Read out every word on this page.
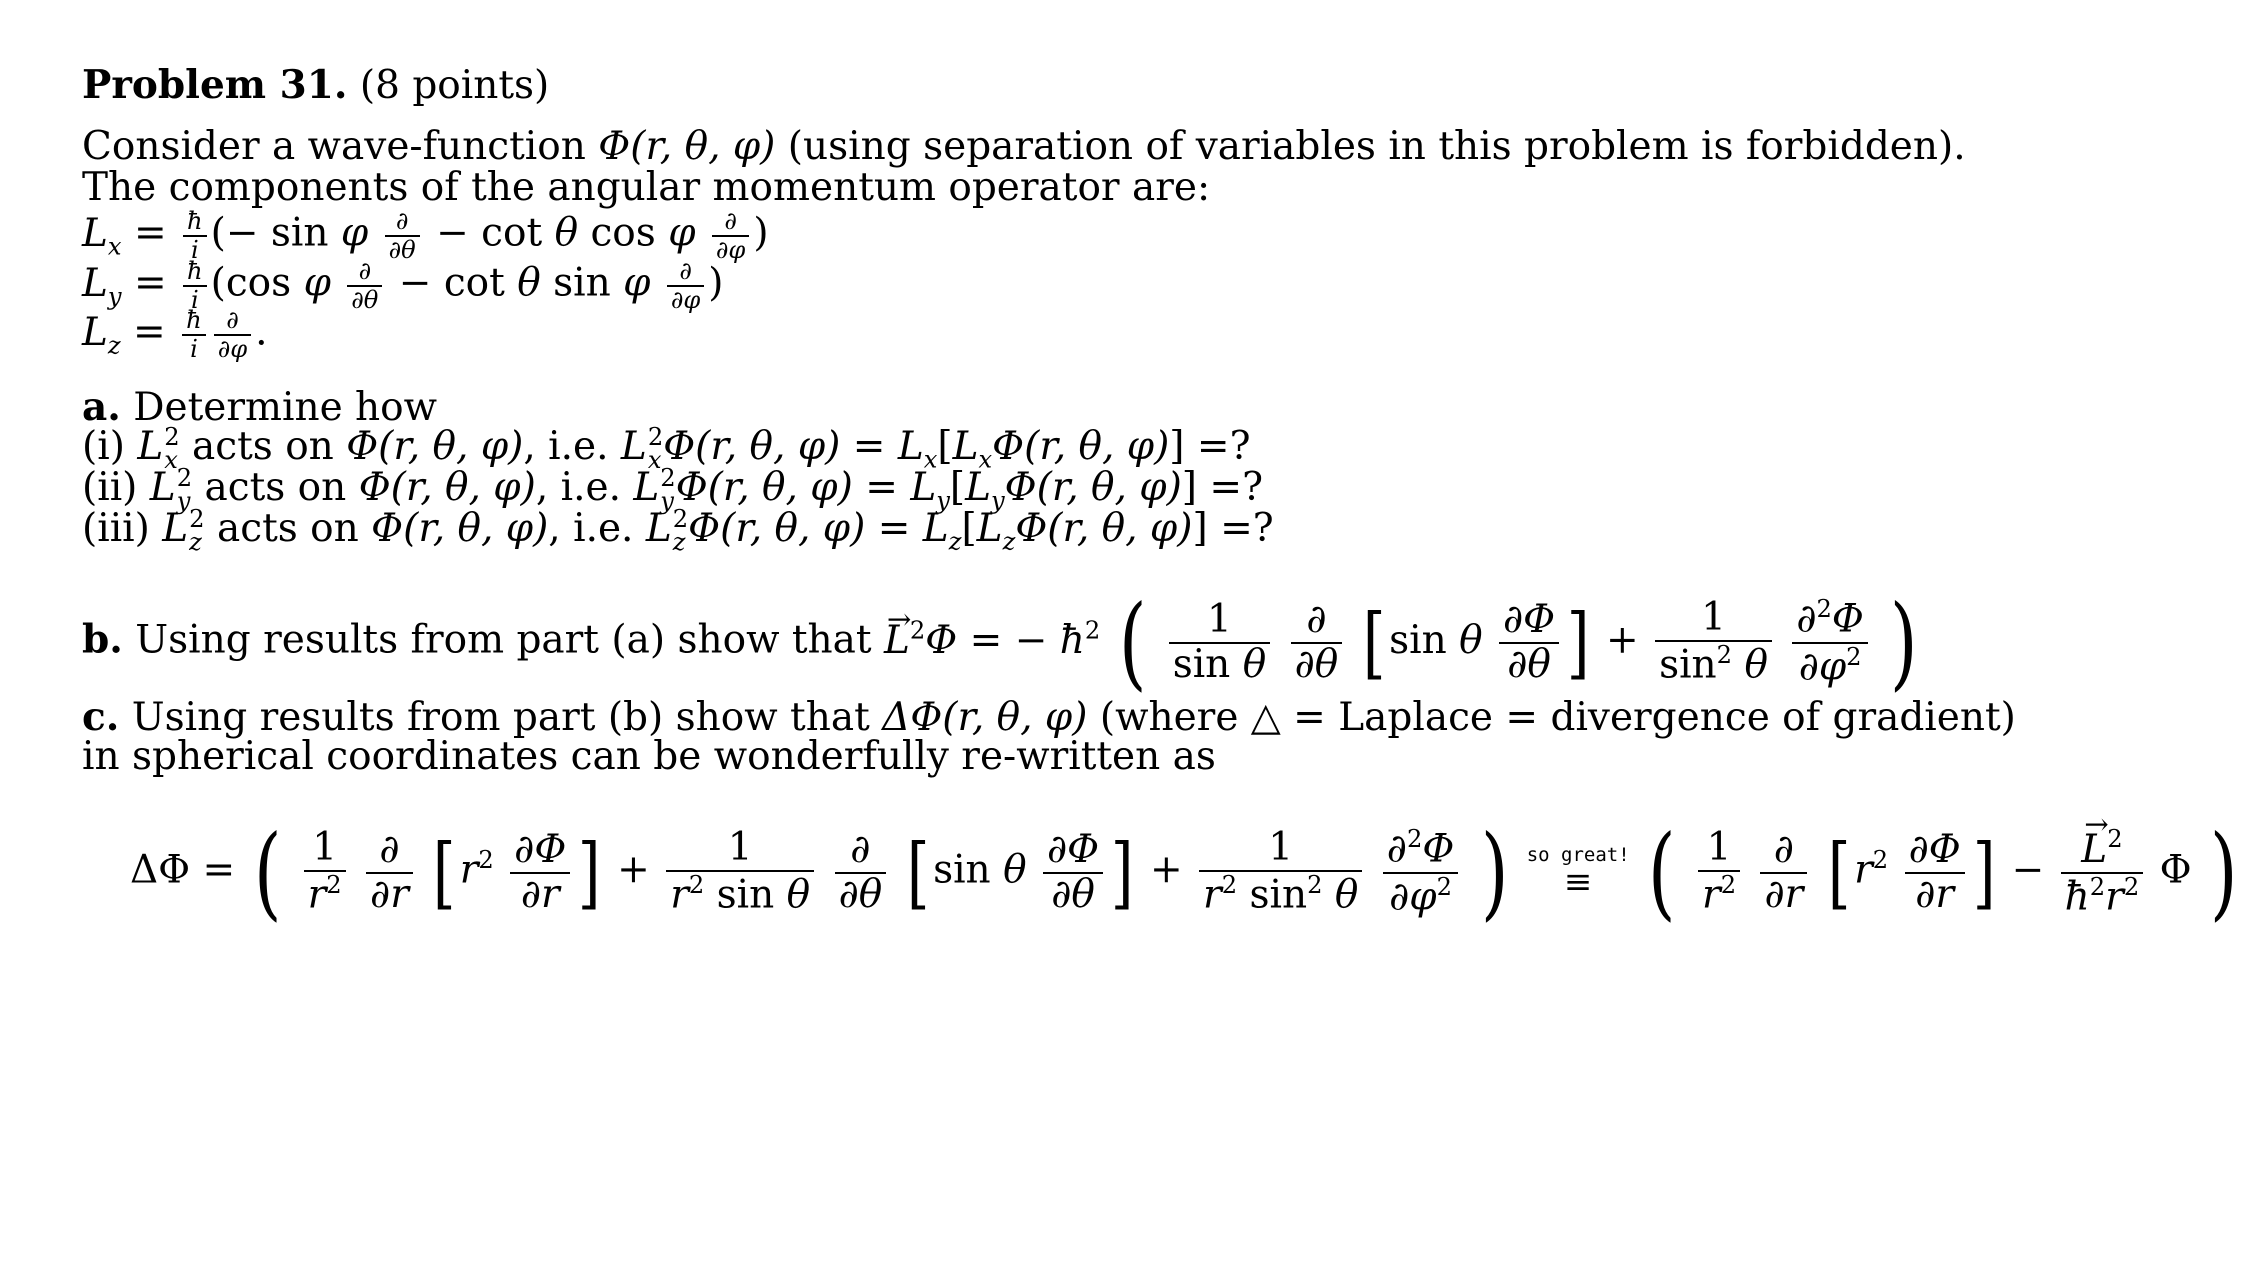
Problem 31. (8 points)
Consider a wave-function Φ(r, θ, φ) (using separation of variables in this problem is forbidden).
The components of the angular momentum operator are:
$L_x = \frac{ħ}{i}$ (− sin φ $\frac{\partial}{\partial\theta} - \cot \theta$ cos φ $\frac{\partial}{\partial\varphi}$ )
$L_y = \frac{ħ}{i} (\cos$ φ $\frac{\partial}{\partial\theta} - \cot \theta$ sin φ $\frac{\partial}{\partial\varphi}$ )
$L_z = \frac{ħ}{i} \frac{\partial}{\partial\varphi}$ .
a. Determine how
(i) L 2
x acts on Φ(r, θ, φ), i.e. L 2
x Φ(r, θ, $\varphi) = L_x[L_x\Phi(r$, θ, φ)] =?
(ii) L 2
y acts on Φ(r, θ, φ), i.e. L 2
y Φ(r, θ, $\varphi) = L_y[L_y\Phi(r$, θ, φ)] =?
(iii) L 2
z acts on Φ(r, θ, φ), i.e. L 2
z Φ(r, θ, $\varphi) = L_z[L_z\Phi(r$, θ, φ)] =?
b. Using results from part (a) show that → $L^2\Phi$ = − $ħ^2$ ( $\frac{1}{\text{sin θ}}$
$\frac{\partial}{\partial\theta} [\sin$ θ $\frac{\partial\Phi}{\partial\theta}$ ] + $\frac{1}{\sin^2 \theta}$
$\frac{\partial^2\Phi}{\partial\varphi^2}$ )
c. Using results from part (b) show that ΔΦ(r, θ, φ) (where △ = Laplace = divergence of gradient)
in spherical coordinates can be wonderfully re-written as
ΔΦ = ( $\frac{1}{r^2}$
$\frac{\partial}{\partial r} [r^2 \frac{\partial\Phi}{\partial r}$ ] + $\frac{1}{r^2 \sin \theta}$
$\frac{\partial}{\partial\theta} [\sin$ θ $\frac{\partial\Phi}{\partial\theta}$ ] + $\frac{1}{r^2 \sin^2 \theta}$
$\frac{\partial^2\Phi}{\partial\varphi^2}$ ) so great!
≡ ( $\frac{1}{r^2}$
$\frac{\partial}{\partial r} [r^2 \frac{\partial\Phi}{\partial r}$ ] − → $\frac{L^2}{ħ^2r^2}$ Φ )
